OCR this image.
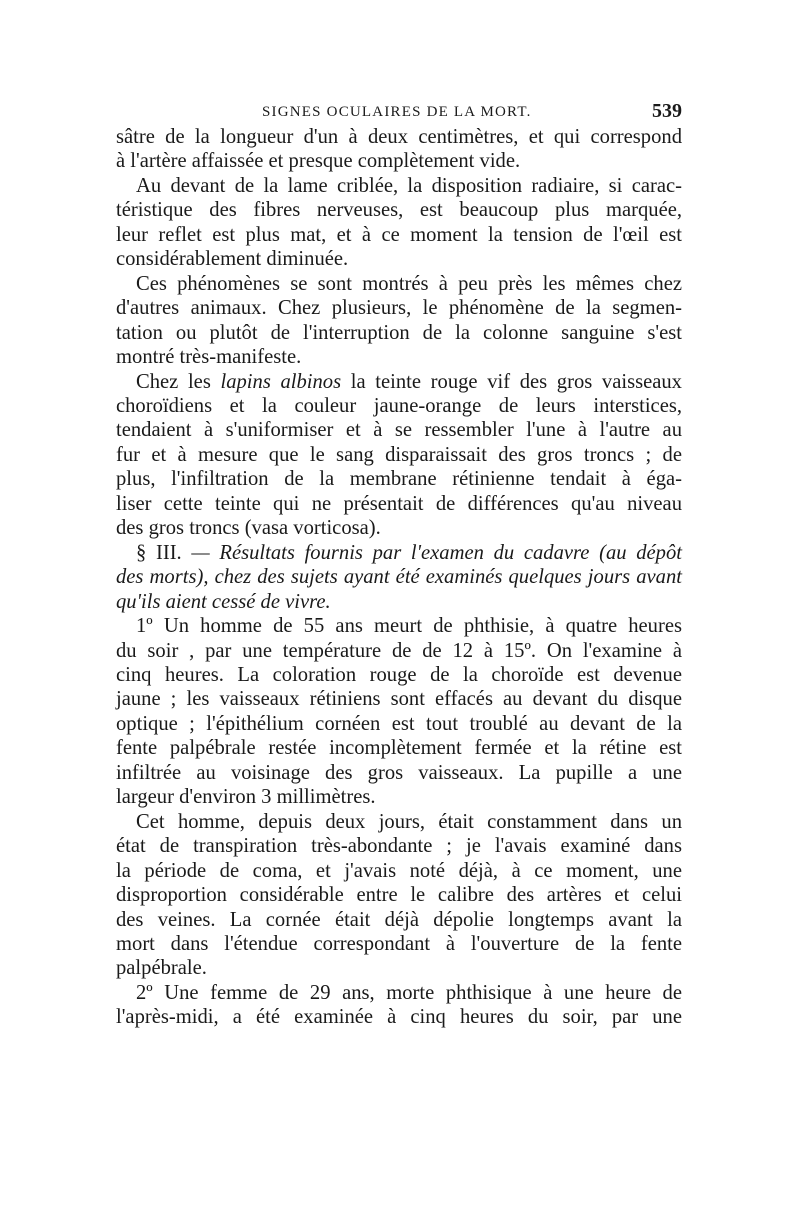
SIGNES OCULAIRES DE LA MORT.	539
sâtre de la longueur d'un à deux centimètres, et qui correspond
à l'artère affaissée et presque complètement vide.
Au devant de la lame criblée, la disposition radiaire, si carac-
téristique des fibres nerveuses, est beaucoup plus marquée,
leur reflet est plus mat, et à ce moment la tension de l'œil est
considérablement diminuée.
Ces phénomènes se sont montrés à peu près les mêmes chez
d'autres animaux. Chez plusieurs, le phénomène de la segmen-
tation ou plutôt de l'interruption de la colonne sanguine s'est
montré très-manifeste.
Chez les lapins albinos la teinte rouge vif des gros vaisseaux
choroïdiens et la couleur jaune-orange de leurs interstices,
tendaient à s'uniformiser et à se ressembler l'une à l'autre au
fur et à mesure que le sang disparaissait des gros troncs ; de
plus, l'infiltration de la membrane rétinienne tendait à éga-
liser cette teinte qui ne présentait de différences qu'au niveau
des gros troncs (vasa vorticosa).
§ III. — Résultats fournis par l'examen du cadavre (au dépôt
des morts), chez des sujets ayant été examinés quelques jours avant
qu'ils aient cessé de vivre.
1º Un homme de 55 ans meurt de phthisie, à quatre heures
du soir , par une température de de 12 à 15º. On l'examine à
cinq heures. La coloration rouge de la choroïde est devenue
jaune ; les vaisseaux rétiniens sont effacés au devant du disque
optique ; l'épithélium cornéen est tout troublé au devant de la
fente palpébrale restée incomplètement fermée et la rétine est
infiltrée au voisinage des gros vaisseaux. La pupille a une
largeur d'environ 3 millimètres.
Cet homme, depuis deux jours, était constamment dans un
état de transpiration très-abondante ; je l'avais examiné dans
la période de coma, et j'avais noté déjà, à ce moment, une
disproportion considérable entre le calibre des artères et celui
des veines. La cornée était déjà dépolie longtemps avant la
mort dans l'étendue correspondant à l'ouverture de la fente
palpébrale.
2º Une femme de 29 ans, morte phthisique à une heure de
l'après-midi, a été examinée à cinq heures du soir, par une
